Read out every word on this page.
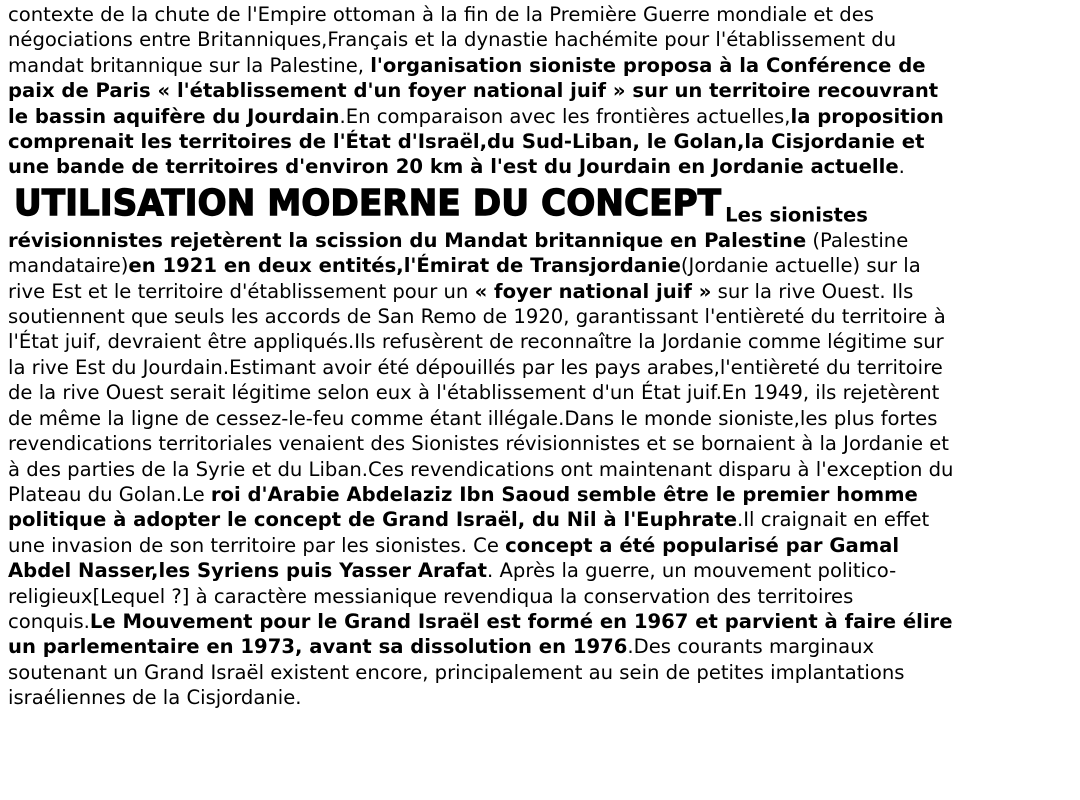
contexte de la chute de l'Empire ottoman à la fin de la Première Guerre mondiale et des négociations entre Britanniques,Français et la dynastie hachémite pour l'établissement du mandat britannique sur la Palestine, l'organisation sioniste proposa à la Conférence de paix de Paris « l'établissement d'un foyer national juif » sur un territoire recouvrant le bassin aquifère du Jourdain.En comparaison avec les frontières actuelles,la proposition comprenait les territoires de l'État d'Israël,du Sud-Liban, le Golan,la Cisjordanie et une bande de territoires d'environ 20 km à l'est du Jourdain en Jordanie actuelle.

UTILISATION MODERNE DU CONCEPT Les sionistes révisionnistes rejetèrent la scission du Mandat britannique en Palestine (Palestine mandataire)en 1921 en deux entités,l'Émirat de Transjordanie(Jordanie actuelle) sur la rive Est et le territoire d'établissement pour un « foyer national juif » sur la rive Ouest. Ils soutiennent que seuls les accords de San Remo de 1920, garantissant l'entièreté du territoire à l'État juif, devraient être appliqués.Ils refusèrent de reconnaître la Jordanie comme légitime sur la rive Est du Jourdain.Estimant avoir été dépouillés par les pays arabes,l'entièreté du territoire de la rive Ouest serait légitime selon eux à l'établissement d'un État juif.En 1949, ils rejetèrent de même la ligne de cessez-le-feu comme étant illégale.Dans le monde sioniste,les plus fortes revendications territoriales venaient des Sionistes révisionnistes et se bornaient à la Jordanie et à des parties de la Syrie et du Liban.Ces revendications ont maintenant disparu à l'exception du Plateau du Golan.Le roi d'Arabie Abdelaziz Ibn Saoud semble être le premier homme politique à adopter le concept de Grand Israël, du Nil à l'Euphrate.Il craignait en effet une invasion de son territoire par les sionistes. Ce concept a été popularisé par Gamal Abdel Nasser,les Syriens puis Yasser Arafat. Après la guerre, un mouvement politico-religieux[Lequel ?] à caractère messianique revendiqua la conservation des territoires conquis.Le Mouvement pour le Grand Israël est formé en 1967 et parvient à faire élire un parlementaire en 1973, avant sa dissolution en 1976.Des courants marginaux soutenant un Grand Israël existent encore, principalement au sein de petites implantations israéliennes de la Cisjordanie.
